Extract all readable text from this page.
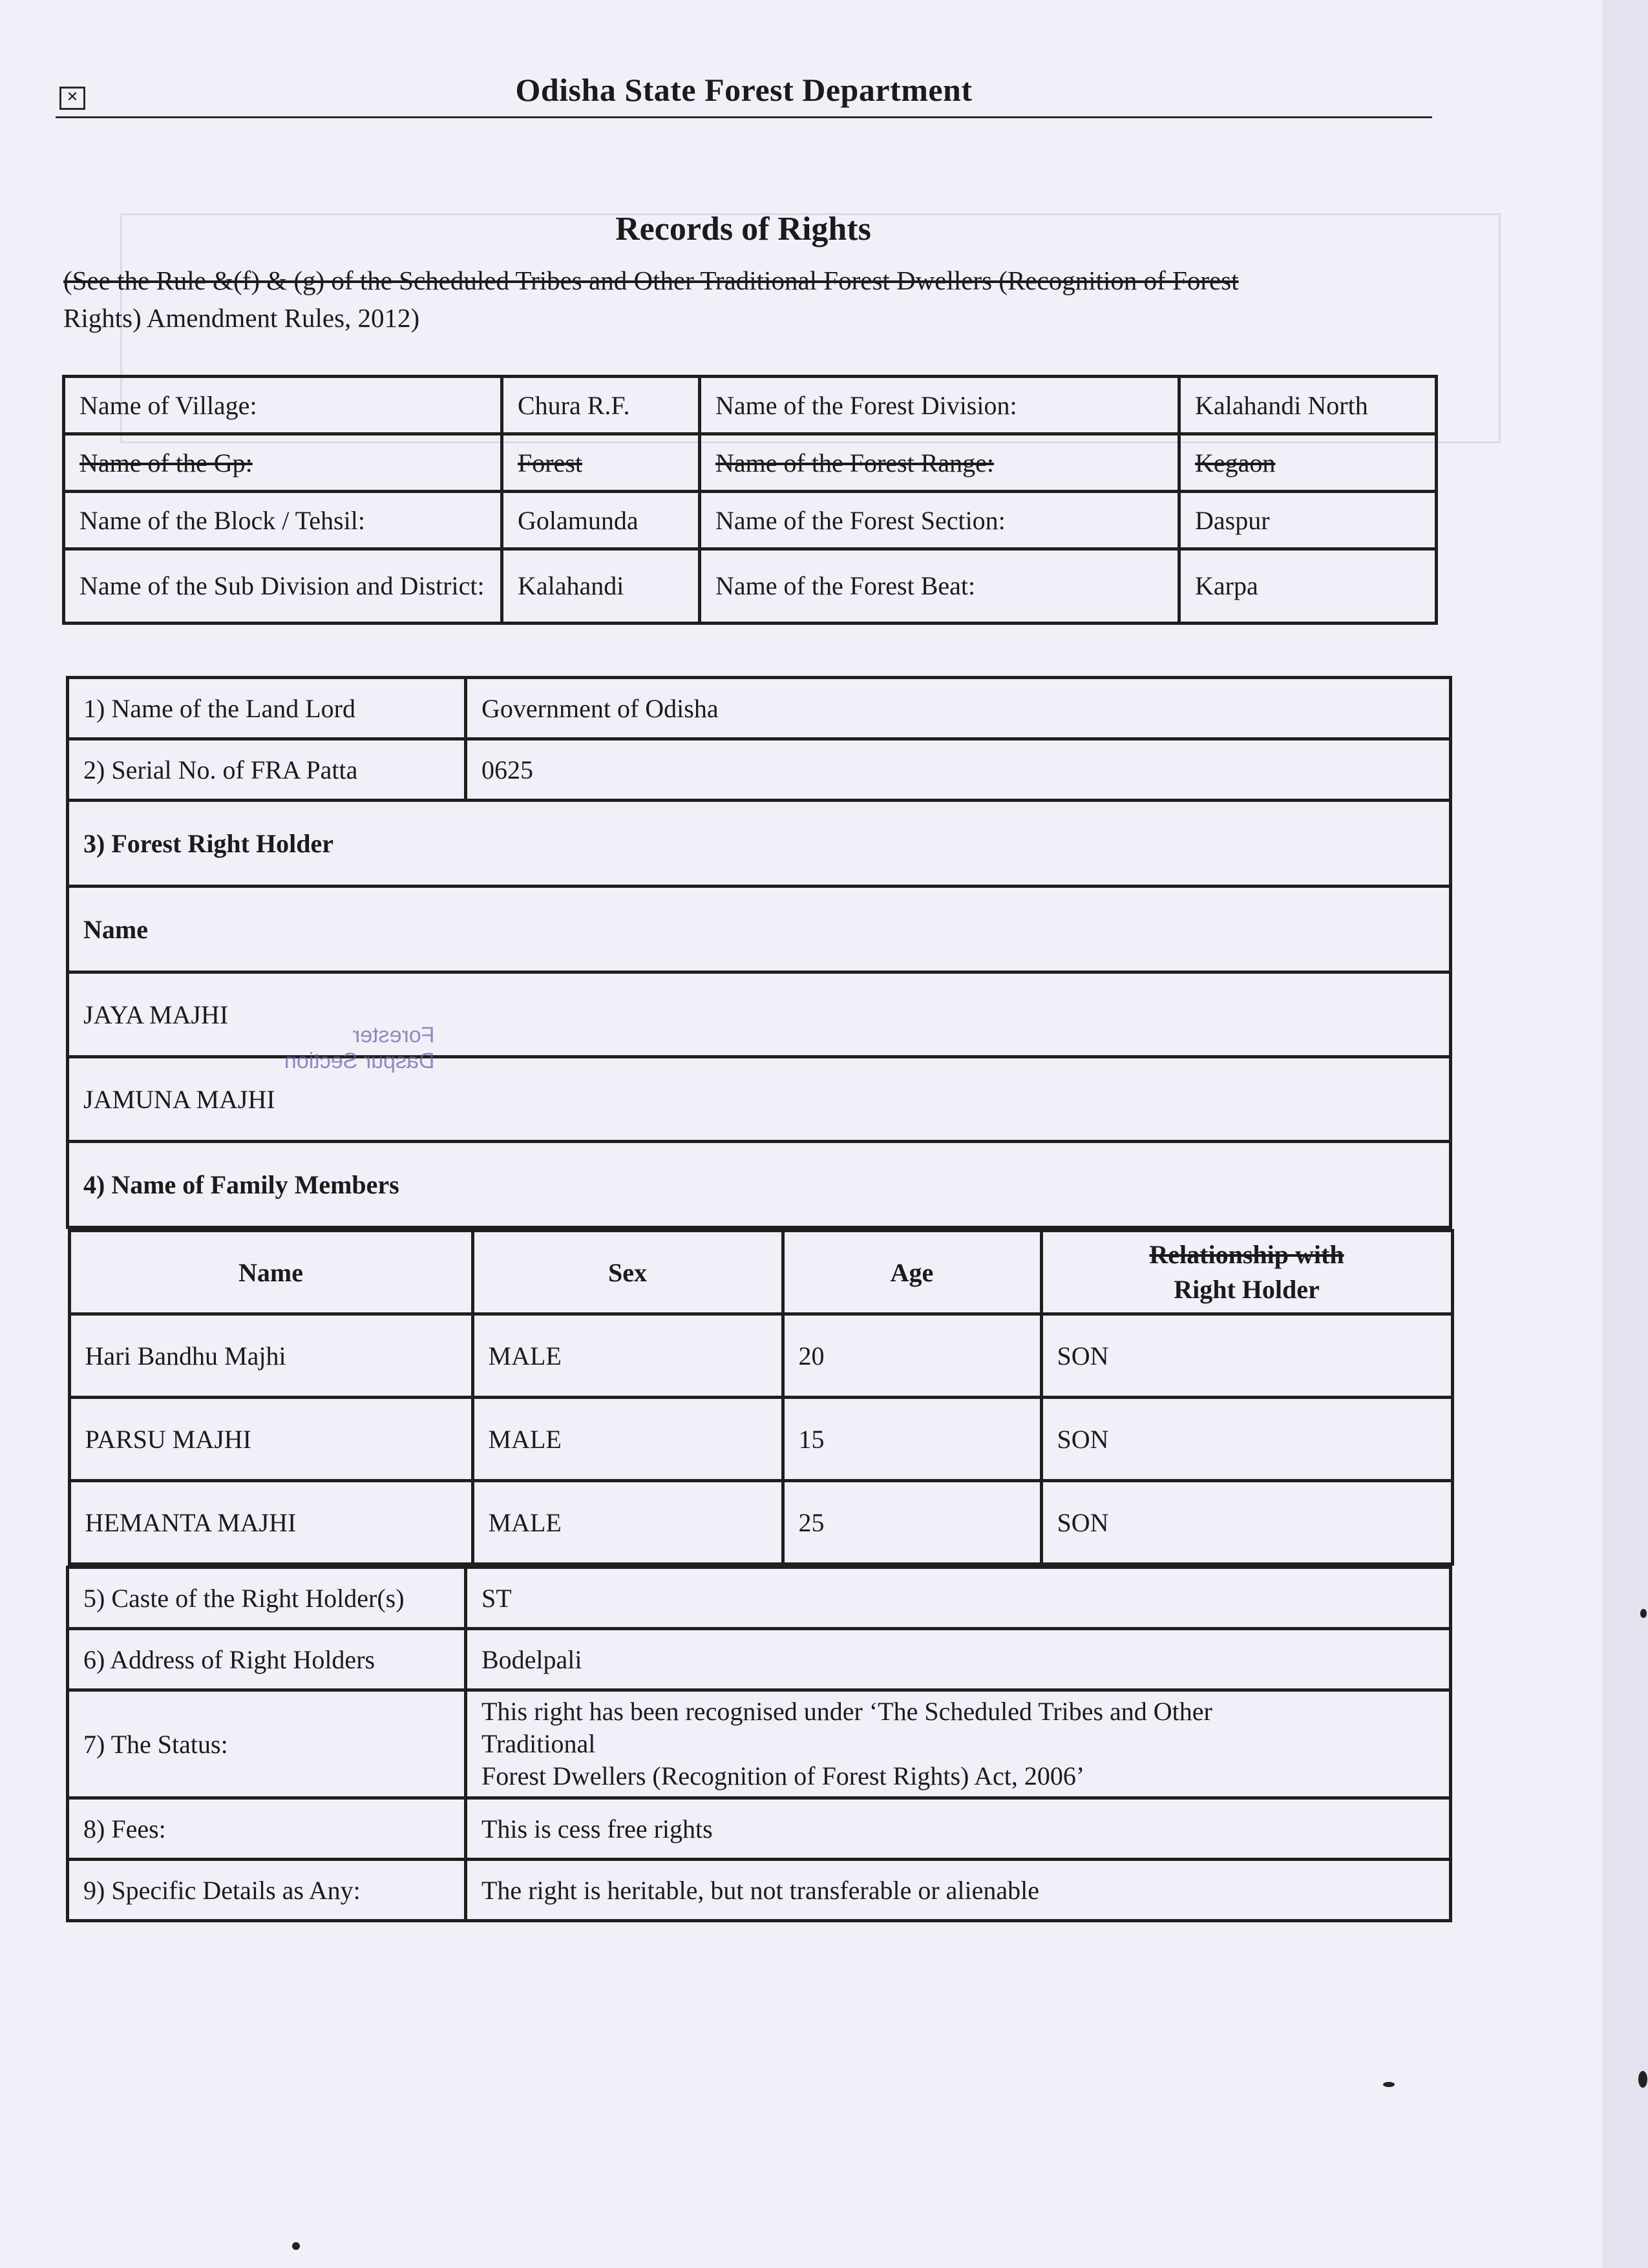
✕	Odisha State Forest Department
Records of Rights
(See the Rule &(f) & (g) of the Scheduled Tribes and Other Traditional Forest Dwellers (Recognition of Forest
Rights) Amendment Rules, 2012)
Name of Village:	Chura R.F.	Name of the Forest Division:	Kalahandi North
Name of the Gp:	Forest	Name of the Forest Range:	Kegaon
Name of the Block / Tehsil:	Golamunda	Name of the Forest Section:	Daspur
Name of the Sub Division and District:	Kalahandi	Name of the Forest Beat:	Karpa
1) Name of the Land Lord	Government of Odisha
2) Serial No. of FRA Patta	0625
3) Forest Right Holder
Name
JAYA MAJHI
JAMUNA MAJHI
4) Name of Family Members

Name	Sex	Age	Relationship with
Right Holder
Hari Bandhu Majhi	MALE	20	SON
PARSU MAJHI	MALE	15	SON
HEMANTA MAJHI	MALE	25	SON

5) Caste of the Right Holder(s)	ST
6) Address of Right Holders	Bodelpali
7) The Status:	This right has been recognised under ‘The Scheduled Tribes and Other
Traditional
Forest Dwellers (Recognition of Forest Rights) Act, 2006’
8) Fees:	This is cess free rights
9) Specific Details as Any:	The right is heritable, but not transferable or alienable
Forester
Daspur Section
